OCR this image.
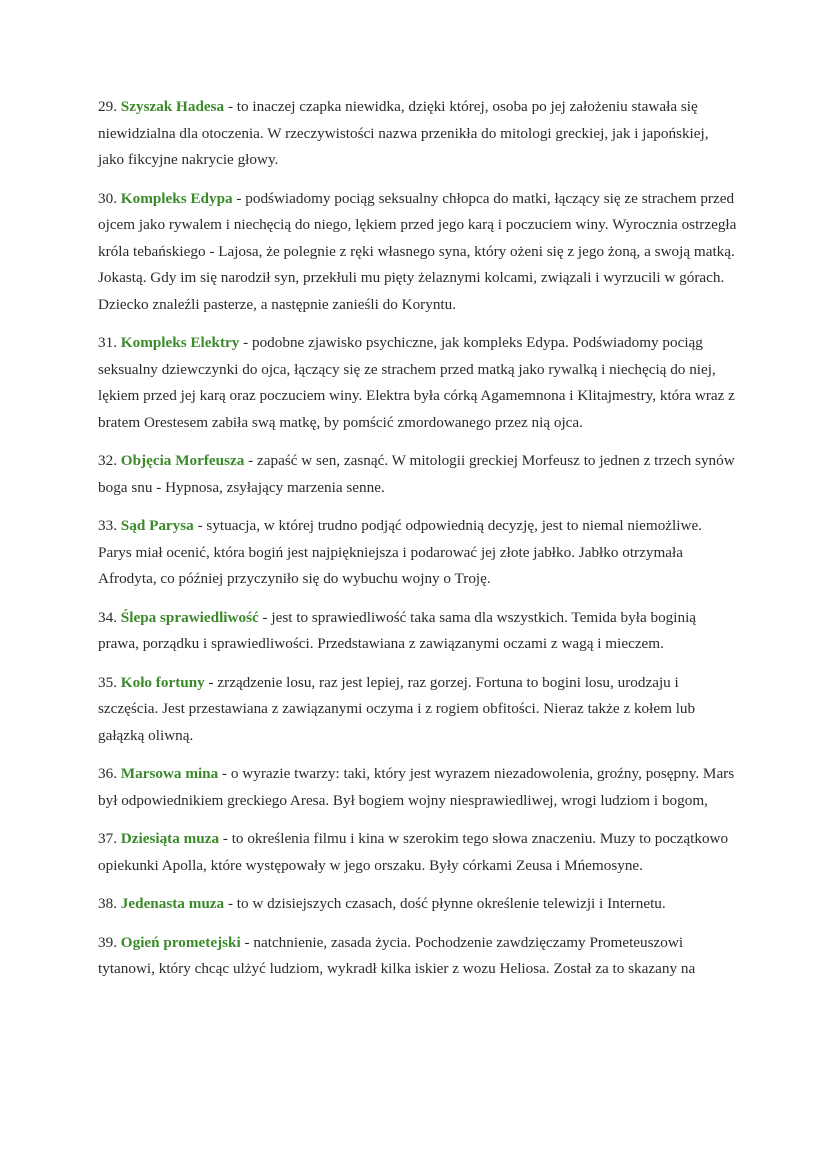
29. Szyszak Hadesa - to inaczej czapka niewidka, dzięki której, osoba po jej założeniu stawała się niewidzialna dla otoczenia. W rzeczywistości nazwa przenikła do mitologi greckiej, jak i japońskiej, jako fikcyjne nakrycie głowy.

30. Kompleks Edypa - podświadomy pociąg seksualny chłopca do matki, łączący się ze strachem przed ojcem jako rywalem i niechęcią do niego, lękiem przed jego karą i poczuciem winy. Wyrocznia ostrzegła króla tebańskiego - Lajosa, że polegnie z ręki własnego syna, który ożeni się z jego żoną, a swoją matką. Jokastą. Gdy im się narodził syn, przekłuli mu pięty żelaznymi kolcami, związali i wyrzucili w górach. Dziecko znaleźli pasterze, a następnie zanieśli do Koryntu.

31. Kompleks Elektry - podobne zjawisko psychiczne, jak kompleks Edypa. Podświadomy pociąg seksualny dziewczynki do ojca, łączący się ze strachem przed matką jako rywalką i niechęcią do niej, lękiem przed jej karą oraz poczuciem winy. Elektra była córką Agamemnona i Klitajmestry, która wraz z bratem Orestesem zabiła swą matkę, by pomścić zmordowanego przez nią ojca.

32. Objęcia Morfeusza - zapaść w sen, zasnąć. W mitologii greckiej Morfeusz to jednen z trzech synów boga snu - Hypnosa, zsyłający marzenia senne.

33. Sąd Parysa - sytuacja, w której trudno podjąć odpowiednią decyzję, jest to niemal niemożliwe. Parys miał ocenić, która bogiń jest najpiękniejsza i podarować jej złote jabłko. Jabłko otrzymała Afrodyta, co później przyczyniło się do wybuchu wojny o Troję.

34. Ślepa sprawiedliwość - jest to sprawiedliwość taka sama dla wszystkich. Temida była boginią prawa, porządku i sprawiedliwości. Przedstawiana z zawiązanymi oczami z wagą i mieczem.

35. Koło fortuny - zrządzenie losu, raz jest lepiej, raz gorzej. Fortuna to bogini losu, urodzaju i szczęścia. Jest przestawiana z zawiązanymi oczyma i z rogiem obfitości. Nieraz także z kołem lub gałązką oliwną.

36. Marsowa mina - o wyrazie twarzy: taki, który jest wyrazem niezadowolenia, groźny, posępny. Mars był odpowiednikiem greckiego Aresa. Był bogiem wojny niesprawiedliwej, wrogi ludziom i bogom,

37. Dziesiąta muza - to określenia filmu i kina w szerokim tego słowa znaczeniu. Muzy to początkowo opiekunki Apolla, które występowały w jego orszaku. Były córkami Zeusa i Mńemosyne.

38. Jedenasta muza - to w dzisiejszych czasach, dość płynne określenie telewizji i Internetu.

39. Ogień prometejski - natchnienie, zasada życia. Pochodzenie zawdzięczamy Prometeuszowi tytanowi, który chcąc ulżyć ludziom, wykradł kilka iskier z wozu Heliosa. Został za to skazany na
